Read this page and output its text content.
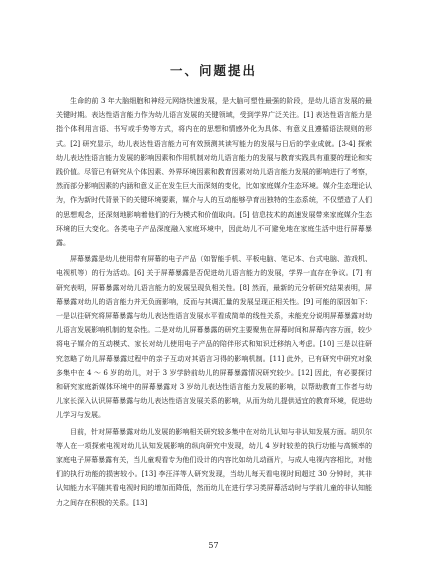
一、问题提出

生命的前 3 年大脑细胞和神经元网络快速发展，是大脑可塑性最强的阶段，是幼儿语言发展的最关键时期。表达性语言能力作为幼儿语言发展的关键领域，受到学界广泛关注。[1] 表达性语言能力是指个体利用言语、书写或手势等方式，将内在的思想和情感外化为具体、有意义且遵循语法规则的形式。[2] 研究显示，幼儿表达性语言能力可有效预测其读写能力的发展与日后的学业成就。[3-4] 探索幼儿表达性语言能力发展的影响因素和作用机制对幼儿语言能力的发展与教育实践具有重要的理论和实践价值。尽管已有研究从个体因素、外界环境因素和教育因素对幼儿语言能力发展的影响进行了考察，然而部分影响因素的内涵和意义正在发生巨大而深刻的变化，比如家庭媒介生态环境。媒介生态理论认为，作为新时代背景下的关键环境要素，媒介与人的互动能够孕育出独特的生态系统，不仅塑造了人们的思想观念，还深刻地影响着他们的行为模式和价值取向。[5] 信息技术的高速发展带来家庭媒介生态环境的巨大变化。各类电子产品深度融入家庭环境中，因此幼儿不可避免地在家庭生活中进行屏幕暴露。

屏幕暴露是幼儿使用带有屏幕的电子产品（如智能手机、平板电脑、笔记本、台式电脑、游戏机、电视机等）的行为活动。[6] 关于屏幕暴露是否促进幼儿语言能力的发展，学界一直存在争议。[7] 有研究表明，屏幕暴露对幼儿语言能力的发展呈现负相关性。[8] 然而，最新的元分析研究结果表明，屏幕暴露对幼儿的语言能力并无负面影响，反而与其调汇量的发展呈现正相关性。[9] 可能的原因如下：一是以往研究将屏幕暴露与幼儿表达性语言发展水平看成简单的线性关系，未能充分说明屏幕暴露对幼儿语言发展影响机制的复杂性。二是对幼儿屏幕暴露的研究主要聚焦在屏幕时间和屏幕内容方面，较少将电子媒介的互动模式、家长对幼儿使用电子产品的陪伴形式和知识迁移纳入考虑。[10] 三是以往研究忽略了幼儿屏幕暴露过程中的亲子互动对其语言习得的影响机制。[11] 此外，已有研究中研究对象多集中在 4 ～ 6 岁的幼儿，对于 3 岁学龄前幼儿的屏幕暴露情况研究较少。[12] 因此，有必要探讨和研究家庭新媒体环境中的屏幕暴露对 3 岁幼儿表达性语言能力发展的影响，以帮助教育工作者与幼儿家长深入认识屏幕暴露与幼儿表达性语言发展关系的影响，从而为幼儿提供适宜的教育环境，促进幼儿学习与发展。

目前，针对屏幕暴露对幼儿发展的影响相关研究较多集中在对幼儿认知与非认知发展方面。胡贝尔等人在一项探索电视对幼儿认知发展影响的纵向研究中发现，幼儿 4 岁时较差的执行功能与高频率的家庭电子屏幕暴露有关，当儿童观看专为他们设计的内容比如幼儿动画片，与成人电视内容相比，对他们的执行功能的损害较小。[13] 李汪洋等人研究发现，当幼儿每天看电视时间超过 30 分钟时，其非认知能力水平随其看电视时间的增加而降低，然而幼儿在进行学习类屏幕活动时与学前儿童的非认知能力之间存在积极的关系。[13]

57
